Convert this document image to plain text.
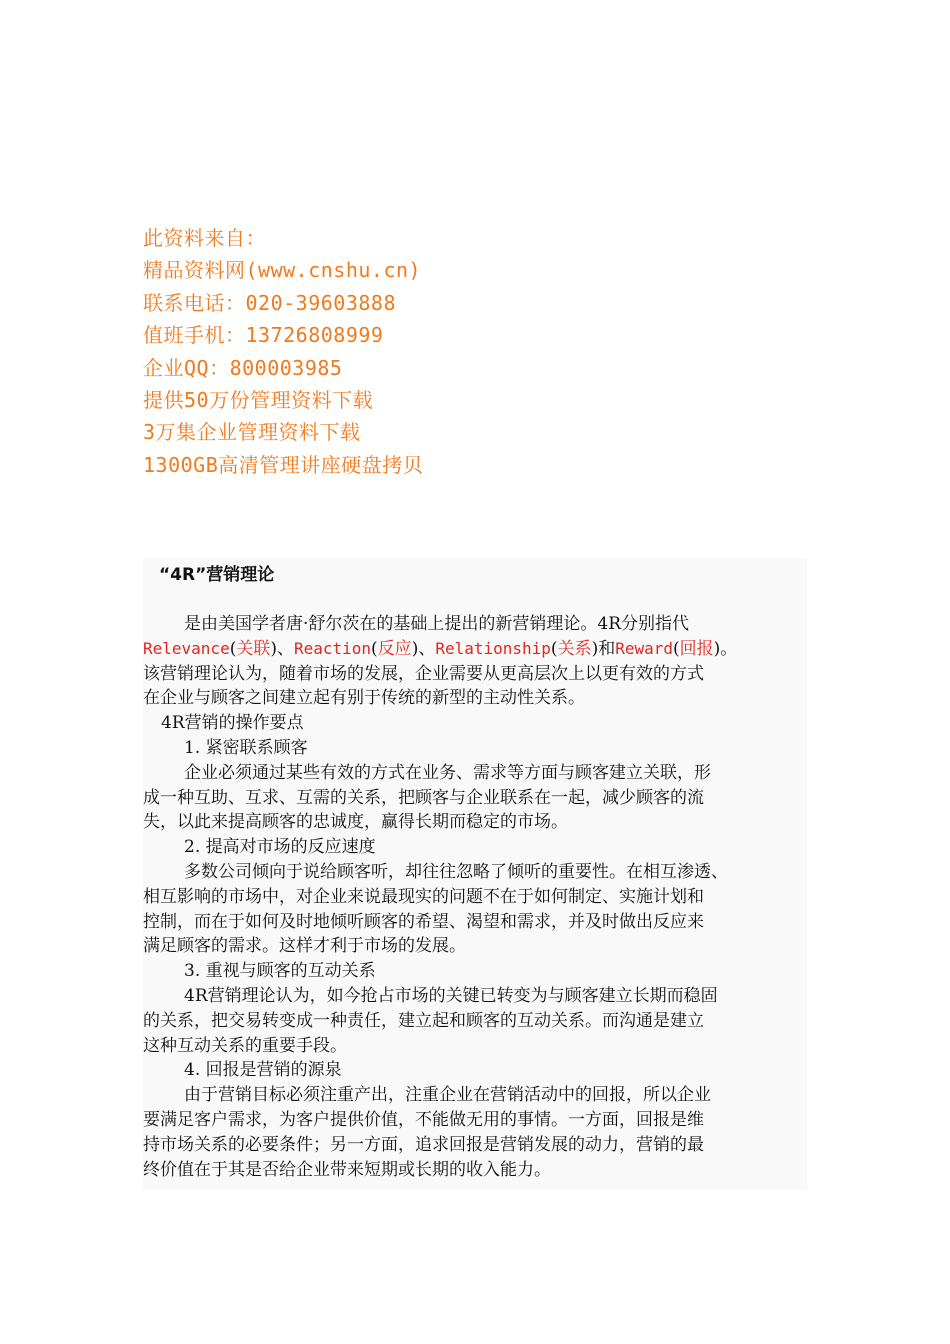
此资料来自：
精品资料网(www.cnshu.cn)
联系电话：020-39603888
值班手机：13726808999
企业QQ：800003985
提供50万份管理资料下载
3万集企业管理资料下载
1300GB高清管理讲座硬盘拷贝
“4R”营销理论

是由美国学者唐·舒尔茨在的基础上提出的新营销理论。4R分别指代

Relevance(关联)、Reaction(反应)、Relationship(关系)和Reward(回报)。

该营销理论认为，随着市场的发展，企业需要从更高层次上以更有效的方式

在企业与顾客之间建立起有别于传统的新型的主动性关系。

4R营销的操作要点

1. 紧密联系顾客

企业必须通过某些有效的方式在业务、需求等方面与顾客建立关联，形

成一种互助、互求、互需的关系，把顾客与企业联系在一起，减少顾客的流

失，以此来提高顾客的忠诚度，赢得长期而稳定的市场。

2. 提高对市场的反应速度

多数公司倾向于说给顾客听，却往往忽略了倾听的重要性。在相互渗透、

相互影响的市场中，对企业来说最现实的问题不在于如何制定、实施计划和

控制，而在于如何及时地倾听顾客的希望、渴望和需求，并及时做出反应来

满足顾客的需求。这样才利于市场的发展。

3. 重视与顾客的互动关系

4R营销理论认为，如今抢占市场的关键已转变为与顾客建立长期而稳固

的关系，把交易转变成一种责任，建立起和顾客的互动关系。而沟通是建立

这种互动关系的重要手段。

4. 回报是营销的源泉

由于营销目标必须注重产出，注重企业在营销活动中的回报，所以企业

要满足客户需求，为客户提供价值，不能做无用的事情。一方面，回报是维

持市场关系的必要条件；另一方面，追求回报是营销发展的动力，营销的最

终价值在于其是否给企业带来短期或长期的收入能力。
